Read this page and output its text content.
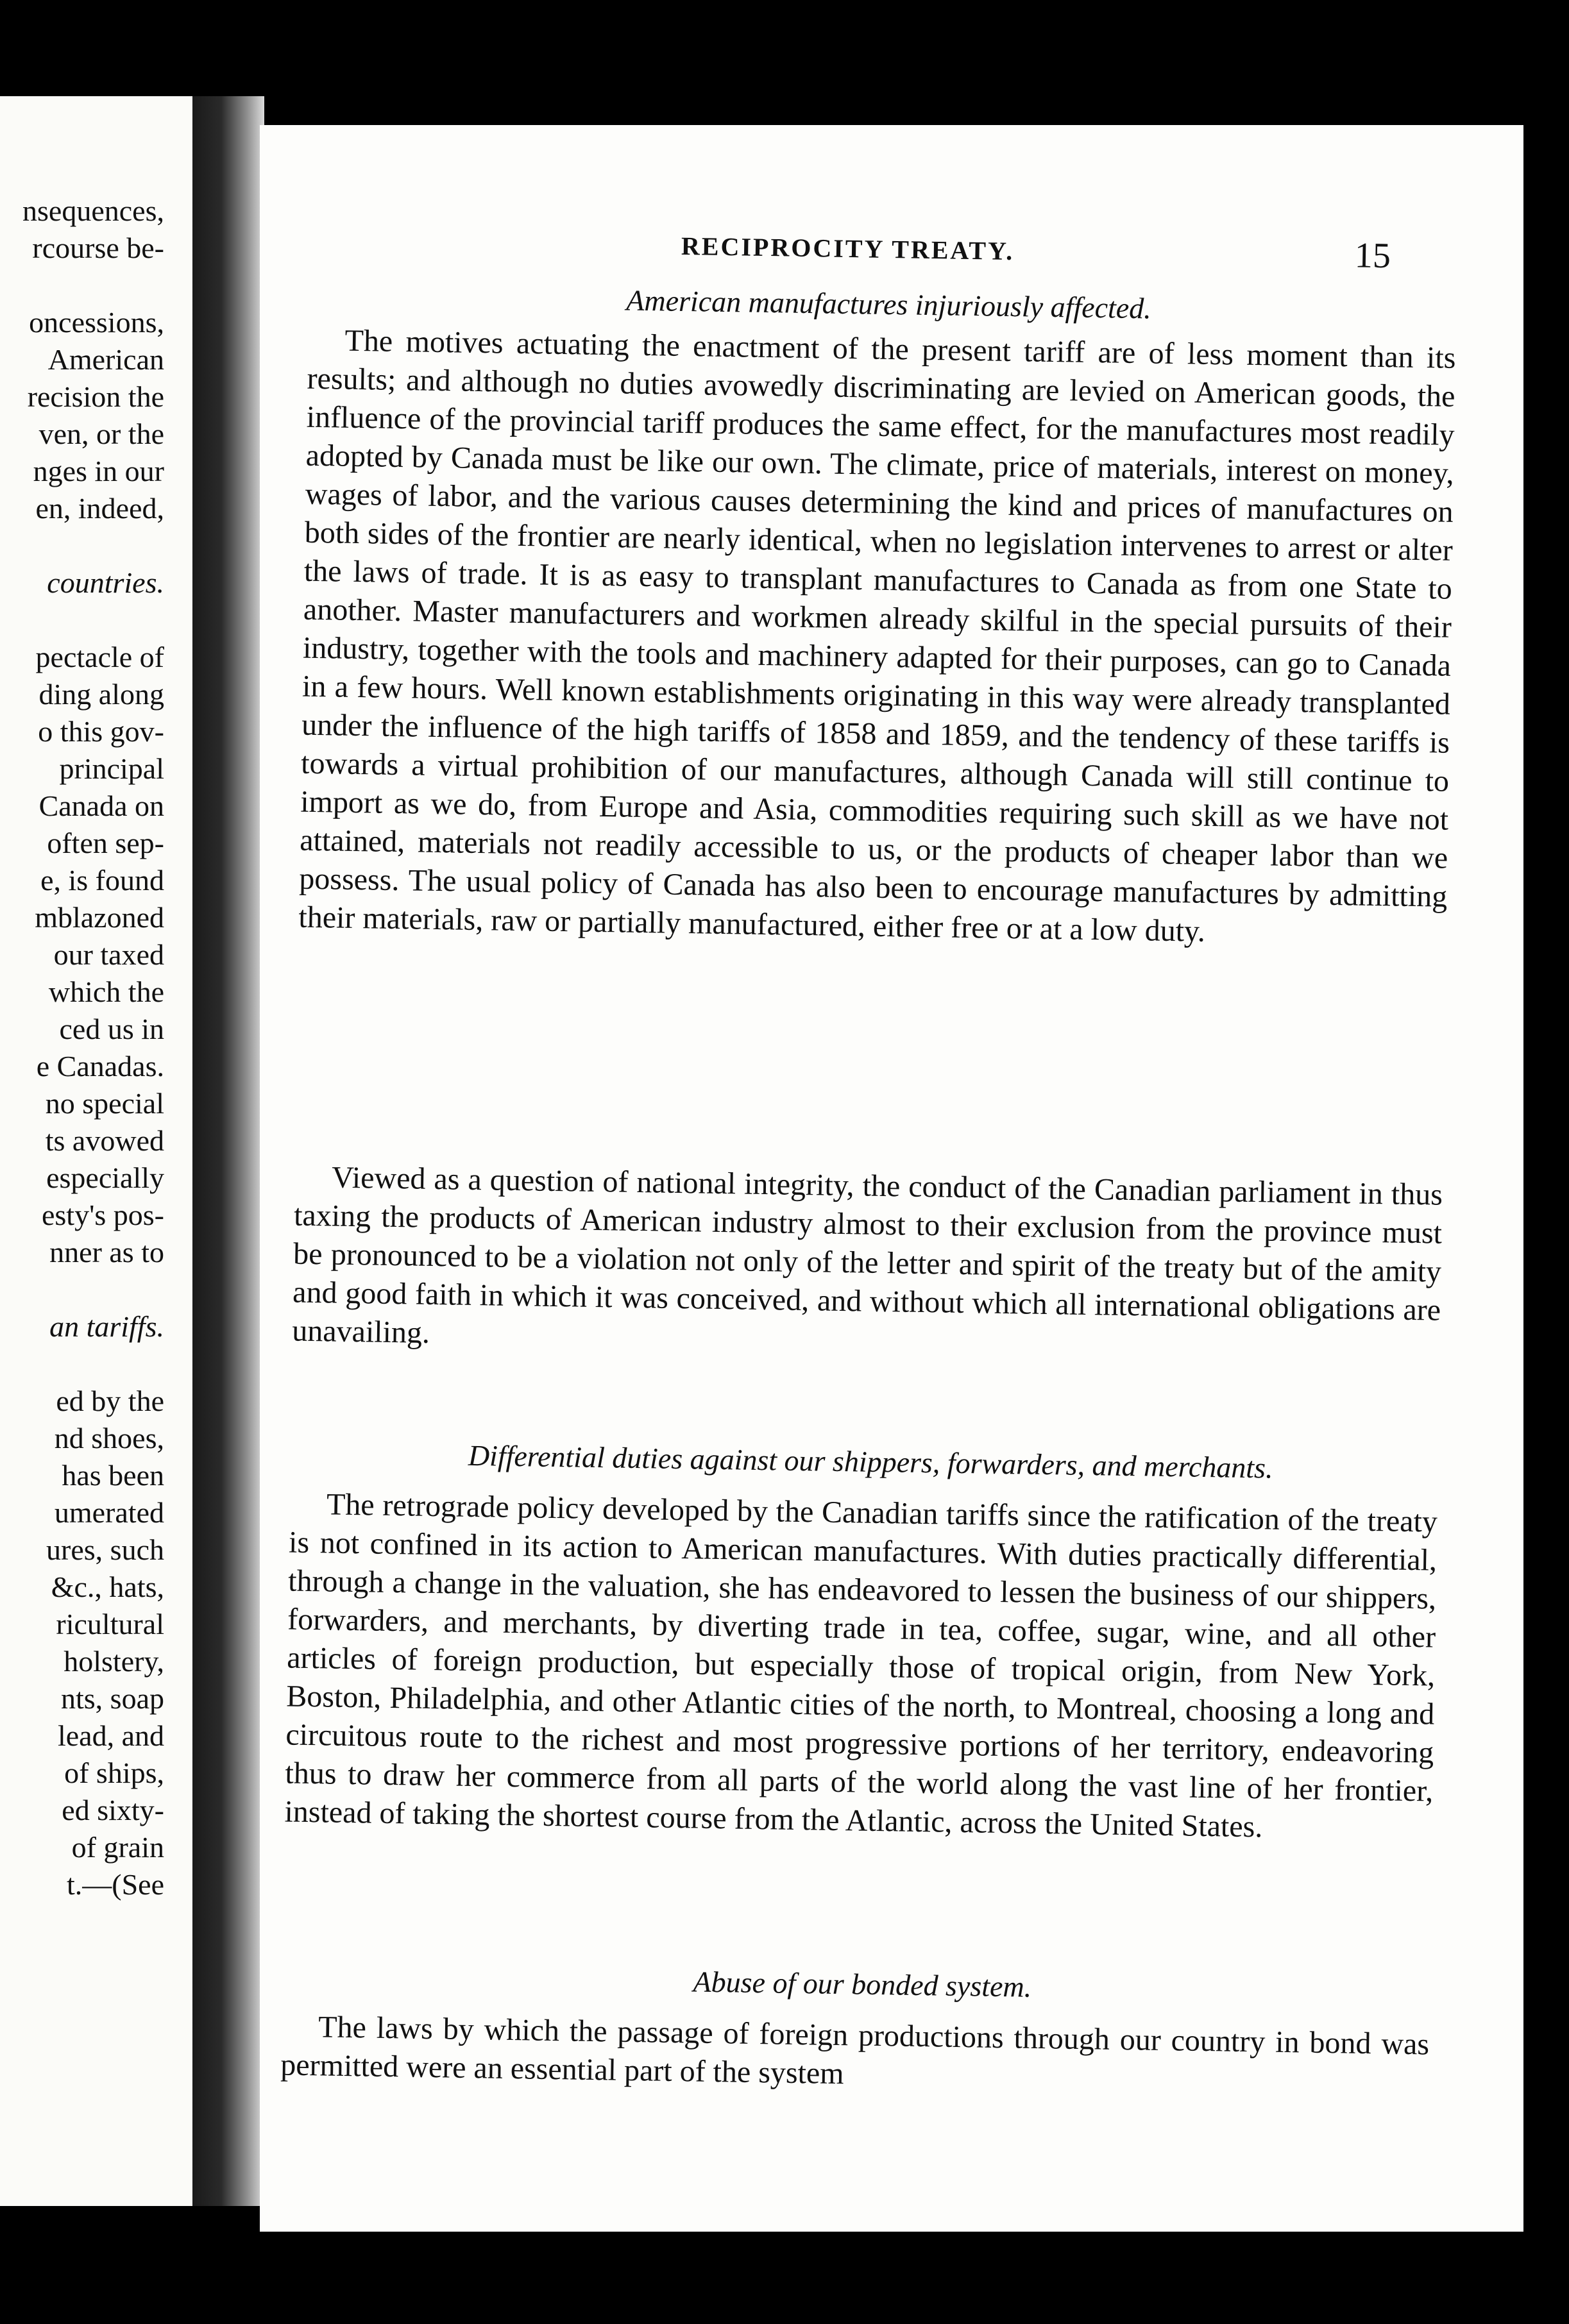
nsequences,
rcourse be-
oncessions,
American
recision the
ven, or the
nges in our
en, indeed,
countries.
pectacle of
ding along
o this gov-
principal
Canada on
often sep-
e, is found
mblazoned
our taxed
which the
ced us in
e Canadas.
no special
ts avowed
especially
esty's pos-
nner as to
an tariffs.
ed by the
nd shoes,
has been
umerated
ures, such
&c., hats,
ricultural
holstery,
nts, soap
lead, and
of ships,
ed sixty-
of grain
t.—(See
RECIPROCITY TREATY.	15
American manufactures injuriously affected.
The motives actuating the enactment of the present tariff are of less moment than its results; and although no duties avowedly discriminating are levied on American goods, the influence of the provincial tariff produces the same effect, for the manufactures most readily adopted by Canada must be like our own. The climate, price of materials, interest on money, wages of labor, and the various causes determining the kind and prices of manufactures on both sides of the frontier are nearly identical, when no legislation intervenes to arrest or alter the laws of trade. It is as easy to transplant manufactures to Canada as from one State to another. Master manufacturers and workmen already skilful in the special pursuits of their industry, together with the tools and machinery adapted for their purposes, can go to Canada in a few hours. Well known establishments originating in this way were already transplanted under the influence of the high tariffs of 1858 and 1859, and the tendency of these tariffs is towards a virtual prohibition of our manufactures, although Canada will still continue to import as we do, from Europe and Asia, commodities requiring such skill as we have not attained, materials not readily accessible to us, or the products of cheaper labor than we possess. The usual policy of Canada has also been to encourage manufactures by admitting their materials, raw or partially manufactured, either free or at a low duty.
Viewed as a question of national integrity, the conduct of the Canadian parliament in thus taxing the products of American industry almost to their exclusion from the province must be pronounced to be a violation not only of the letter and spirit of the treaty but of the amity and good faith in which it was conceived, and without which all international obligations are unavailing.
Differential duties against our shippers, forwarders, and merchants.
The retrograde policy developed by the Canadian tariffs since the ratification of the treaty is not confined in its action to American manufactures. With duties practically differential, through a change in the valuation, she has endeavored to lessen the business of our shippers, forwarders, and merchants, by diverting trade in tea, coffee, sugar, wine, and all other articles of foreign production, but especially those of tropical origin, from New York, Boston, Philadelphia, and other Atlantic cities of the north, to Montreal, choosing a long and circuitous route to the richest and most progressive portions of her territory, endeavoring thus to draw her commerce from all parts of the world along the vast line of her frontier, instead of taking the shortest course from the Atlantic, across the United States.
Abuse of our bonded system.
The laws by which the passage of foreign productions through our country in bond was permitted were an essential part of the system
